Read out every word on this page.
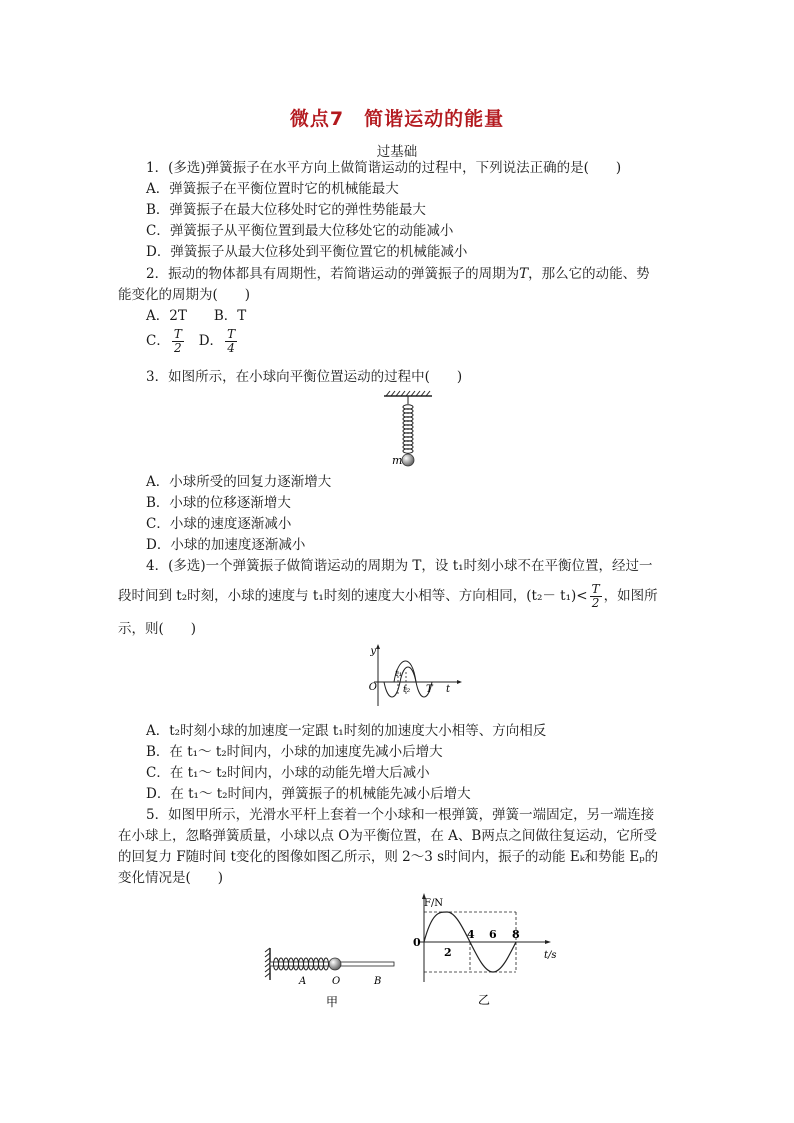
微点7　简谐运动的能量
过基础
1．(多选)弹簧振子在水平方向上做简谐运动的过程中，下列说法正确的是(　　)
A．弹簧振子在平衡位置时它的机械能最大
B．弹簧振子在最大位移处时它的弹性势能最大
C．弹簧振子从平衡位置到最大位移处它的动能减小
D．弹簧振子从最大位移处到平衡位置它的机械能减小
2．振动的物体都具有周期性，若简谐运动的弹簧振子的周期为T，那么它的动能、势
能变化的周期为(　　)
A．2T　　B．T
C． $\frac{T}{2}$ D． $\frac{T}{4}$
3．如图所示，在小球向平衡位置运动的过程中(　　)
m
A．小球所受的回复力逐渐增大
B．小球的位移逐渐增大
C．小球的速度逐渐减小
D．小球的加速度逐渐减小
4．(多选)一个弹簧振子做简谐运动的周期为 T，设 t₁时刻小球不在平衡位置，经过一
段时间到 t₂时刻，小球的速度与 t₁时刻的速度大小相等、方向相同，$(t_2- t_1)< \frac{T}{2}$ ，如图所
示，则(　　)
y
O
t₁
t₂ T t
A．t₂时刻小球的加速度一定跟 t₁时刻的加速度大小相等、方向相反
B．在 t₁～ t₂时间内，小球的加速度先减小后增大
C．在 t₁～ t₂时间内，小球的动能先增大后减小
D．在 t₁～ t₂时间内，弹簧振子的机械能先减小后增大
5．如图甲所示，光滑水平杆上套着一个小球和一根弹簧，弹簧一端固定，另一端连接
在小球上，忽略弹簧质量，小球以点 O为平衡位置，在 A、B两点之间做往复运动，它所受
的回复力 F随时间 t变化的图像如图乙所示，则 2～3 s时间内，振子的动能 Eₖ和势能 Eₚ的
变化情况是(　　)
A	O	B
甲
F/N
0
2
4 6 8
t/s
乙
